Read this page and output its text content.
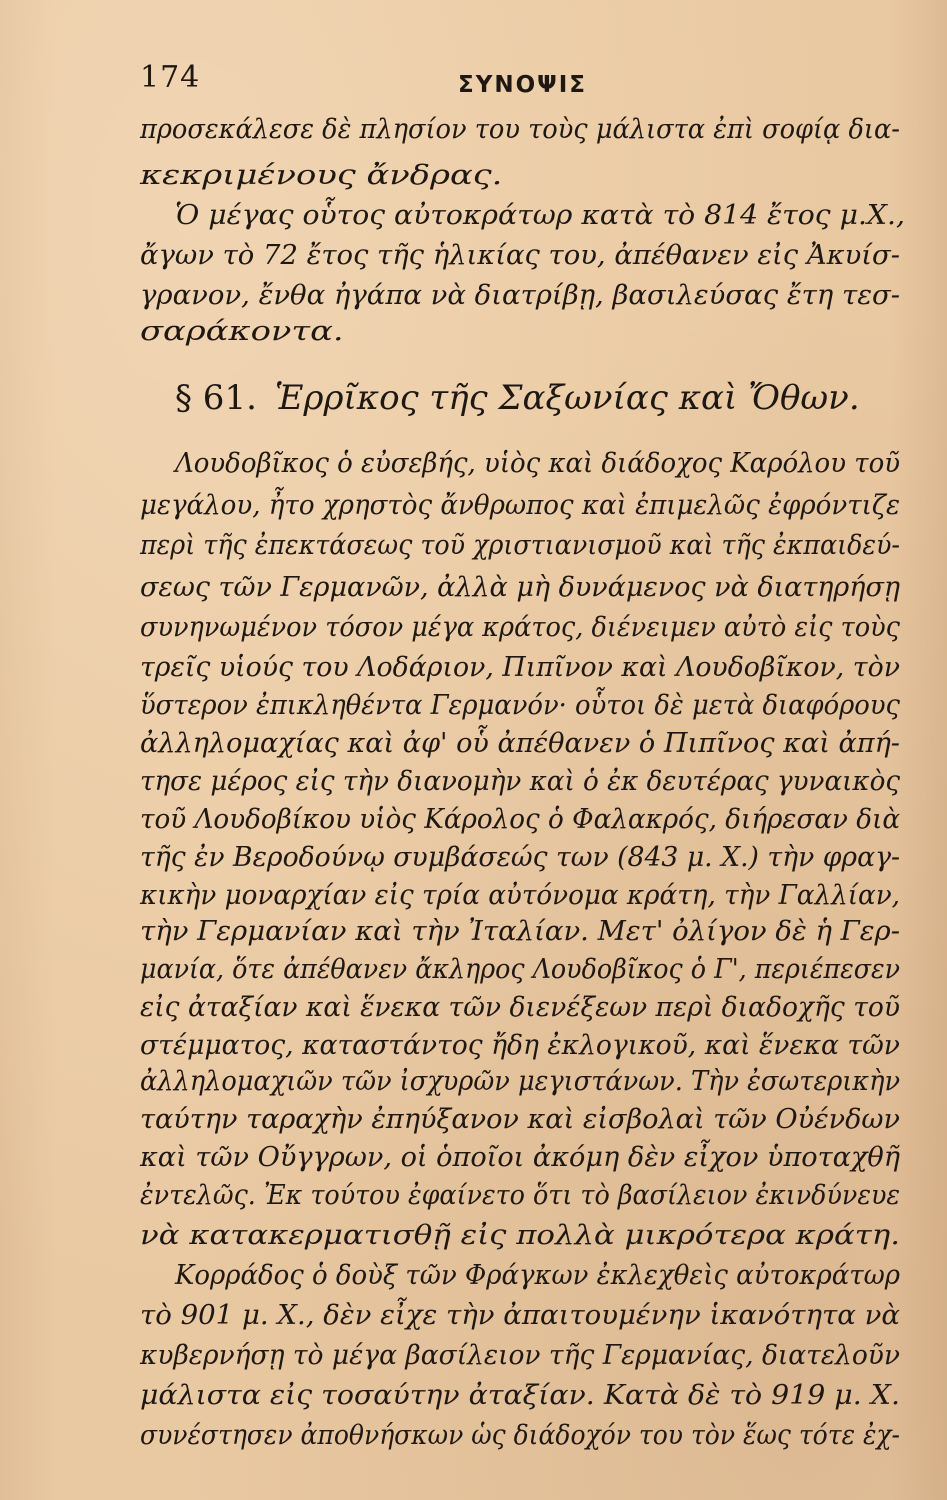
174	ΣΥΝΟΨΙΣ
προσεκάλεσε δὲ πλησίον του τοὺς μάλιστα ἐπὶ σοφίᾳ δια-
κεκριμένους ἄνδρας.
Ὁ μέγας οὗτος αὐτοκράτωρ κατὰ τὸ 814 ἔτος μ.Χ.,
ἄγων τὸ 72 ἔτος τῆς ἡλικίας του, ἀπέθανεν εἰς Ἀκυίσ-
γρανον, ἔνθα ἠγάπα νὰ διατρίβῃ, βασιλεύσας ἔτη τεσ-
σαράκοντα.
§ 61. Ἑρρῖκος τῆς Σαξωνίας καὶ Ὄθων.
Λουδοβῖκος ὁ εὐσεβής, υἱὸς καὶ διάδοχος Καρόλου τοῦ
μεγάλου, ἦτο χρηστὸς ἄνθρωπος καὶ ἐπιμελῶς ἐφρόντιζε
περὶ τῆς ἐπεκτάσεως τοῦ χριστιανισμοῦ καὶ τῆς ἐκπαιδεύ-
σεως τῶν Γερμανῶν, ἀλλὰ μὴ δυνάμενος νὰ διατηρήσῃ
συνηνωμένον τόσον μέγα κράτος, διένειμεν αὐτὸ εἰς τοὺς
τρεῖς υἱούς του Λοδάριον, Πιπῖνον καὶ Λουδοβῖκον, τὸν
ὕστερον ἐπικληθέντα Γερμανόν· οὗτοι δὲ μετὰ διαφόρους
ἀλληλομαχίας καὶ ἀφ' οὗ ἀπέθανεν ὁ Πιπῖνος καὶ ἀπή-
τησε μέρος εἰς τὴν διανομὴν καὶ ὁ ἐκ δευτέρας γυναικὸς
τοῦ Λουδοβίκου υἱὸς Κάρολος ὁ Φαλακρός, διήρεσαν διὰ
τῆς ἐν Βεροδούνῳ συμβάσεώς των (843 μ. Χ.) τὴν φραγ-
κικὴν μοναρχίαν εἰς τρία αὐτόνομα κράτη, τὴν Γαλλίαν,
τὴν Γερμανίαν καὶ τὴν Ἰταλίαν. Μετ' ὀλίγον δὲ ἡ Γερ-
μανία, ὅτε ἀπέθανεν ἄκληρος Λουδοβῖκος ὁ Γ', περιέπεσεν
εἰς ἀταξίαν καὶ ἕνεκα τῶν διενέξεων περὶ διαδοχῆς τοῦ
στέμματος, καταστάντος ἤδη ἐκλογικοῦ, καὶ ἕνεκα τῶν
ἀλληλομαχιῶν τῶν ἰσχυρῶν μεγιστάνων. Τὴν ἐσωτερικὴν
ταύτην ταραχὴν ἐπηύξανον καὶ εἰσβολαὶ τῶν Οὐένδων
καὶ τῶν Οὔγγρων, οἱ ὁποῖοι ἀκόμη δὲν εἶχον ὑποταχθῆ
ἐντελῶς. Ἐκ τούτου ἐφαίνετο ὅτι τὸ βασίλειον ἐκινδύνευε
νὰ κατακερματισθῇ εἰς πολλὰ μικρότερα κράτη.
Κορράδος ὁ δοὺξ τῶν Φράγκων ἐκλεχθεὶς αὐτοκράτωρ
τὸ 901 μ. Χ., δὲν εἶχε τὴν ἀπαιτουμένην ἱκανότητα νὰ
κυβερνήσῃ τὸ μέγα βασίλειον τῆς Γερμανίας, διατελοῦν
μάλιστα εἰς τοσαύτην ἀταξίαν. Κατὰ δὲ τὸ 919 μ. Χ.
συνέστησεν ἀποθνήσκων ὡς διάδοχόν του τὸν ἕως τότε ἐχ-
